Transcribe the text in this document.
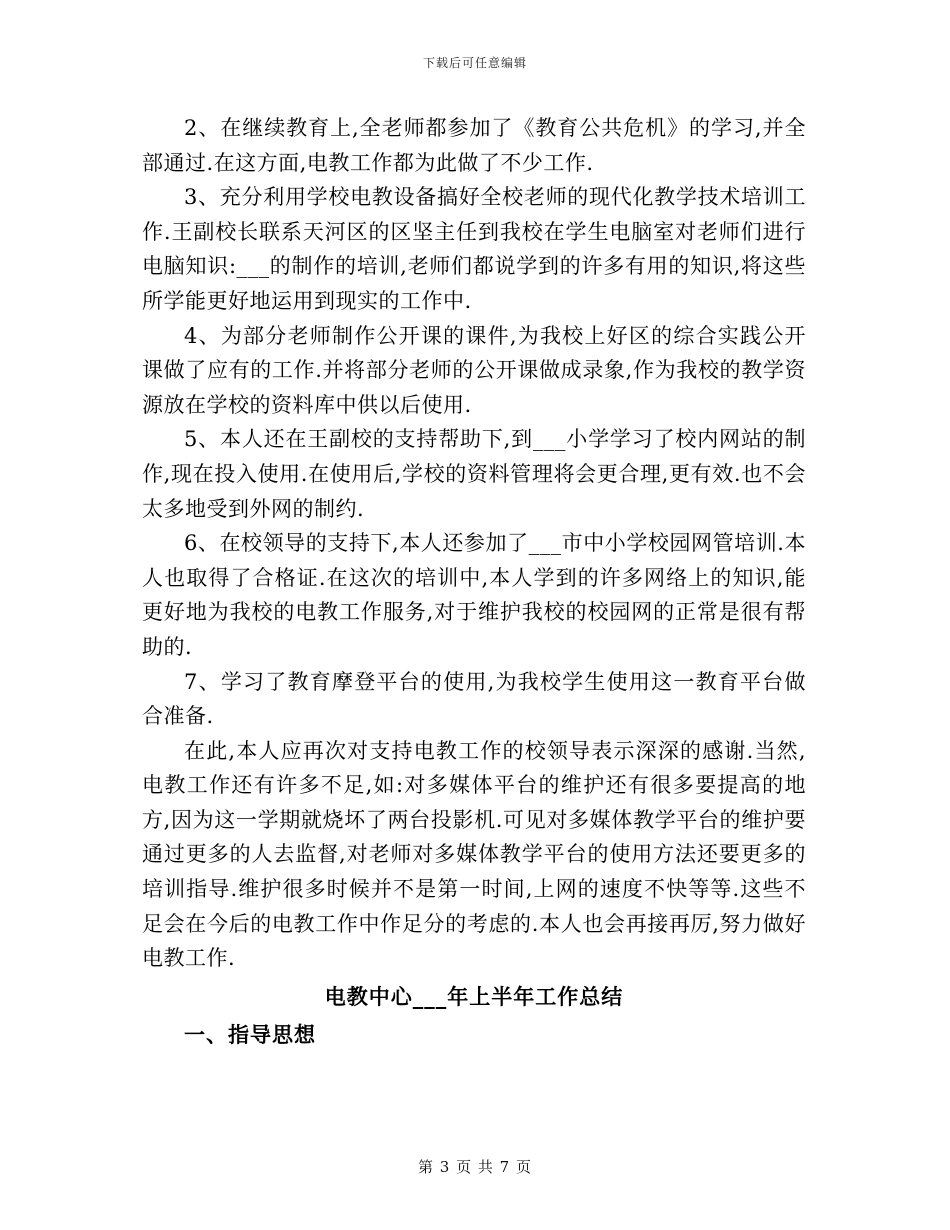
下载后可任意编辑

2、在继续教育上,全老师都参加了《教育公共危机》的学习,并全部通过.在这方面,电教工作都为此做了不少工作.

3、充分利用学校电教设备搞好全校老师的现代化教学技术培训工作.王副校长联系天河区的区坚主任到我校在学生电脑室对老师们进行电脑知识:___的制作的培训,老师们都说学到的许多有用的知识,将这些所学能更好地运用到现实的工作中.

4、为部分老师制作公开课的课件,为我校上好区的综合实践公开课做了应有的工作.并将部分老师的公开课做成录象,作为我校的教学资源放在学校的资料库中供以后使用.

5、本人还在王副校的支持帮助下,到___小学学习了校内网站的制作,现在投入使用.在使用后,学校的资料管理将会更合理,更有效.也不会太多地受到外网的制约.

6、在校领导的支持下,本人还参加了___市中小学校园网管培训.本人也取得了合格证.在这次的培训中,本人学到的许多网络上的知识,能更好地为我校的电教工作服务,对于维护我校的校园网的正常是很有帮助的.

7、学习了教育摩登平台的使用,为我校学生使用这一教育平台做合准备.

在此,本人应再次对支持电教工作的校领导表示深深的感谢.当然,电教工作还有许多不足,如:对多媒体平台的维护还有很多要提高的地方,因为这一学期就烧坏了两台投影机.可见对多媒体教学平台的维护要通过更多的人去监督,对老师对多媒体教学平台的使用方法还要更多的培训指导.维护很多时候并不是第一时间,上网的速度不快等等.这些不足会在今后的电教工作中作足分的考虑的.本人也会再接再厉,努力做好电教工作.

电教中心___年上半年工作总结

一、指导思想

第 3 页 共 7 页
